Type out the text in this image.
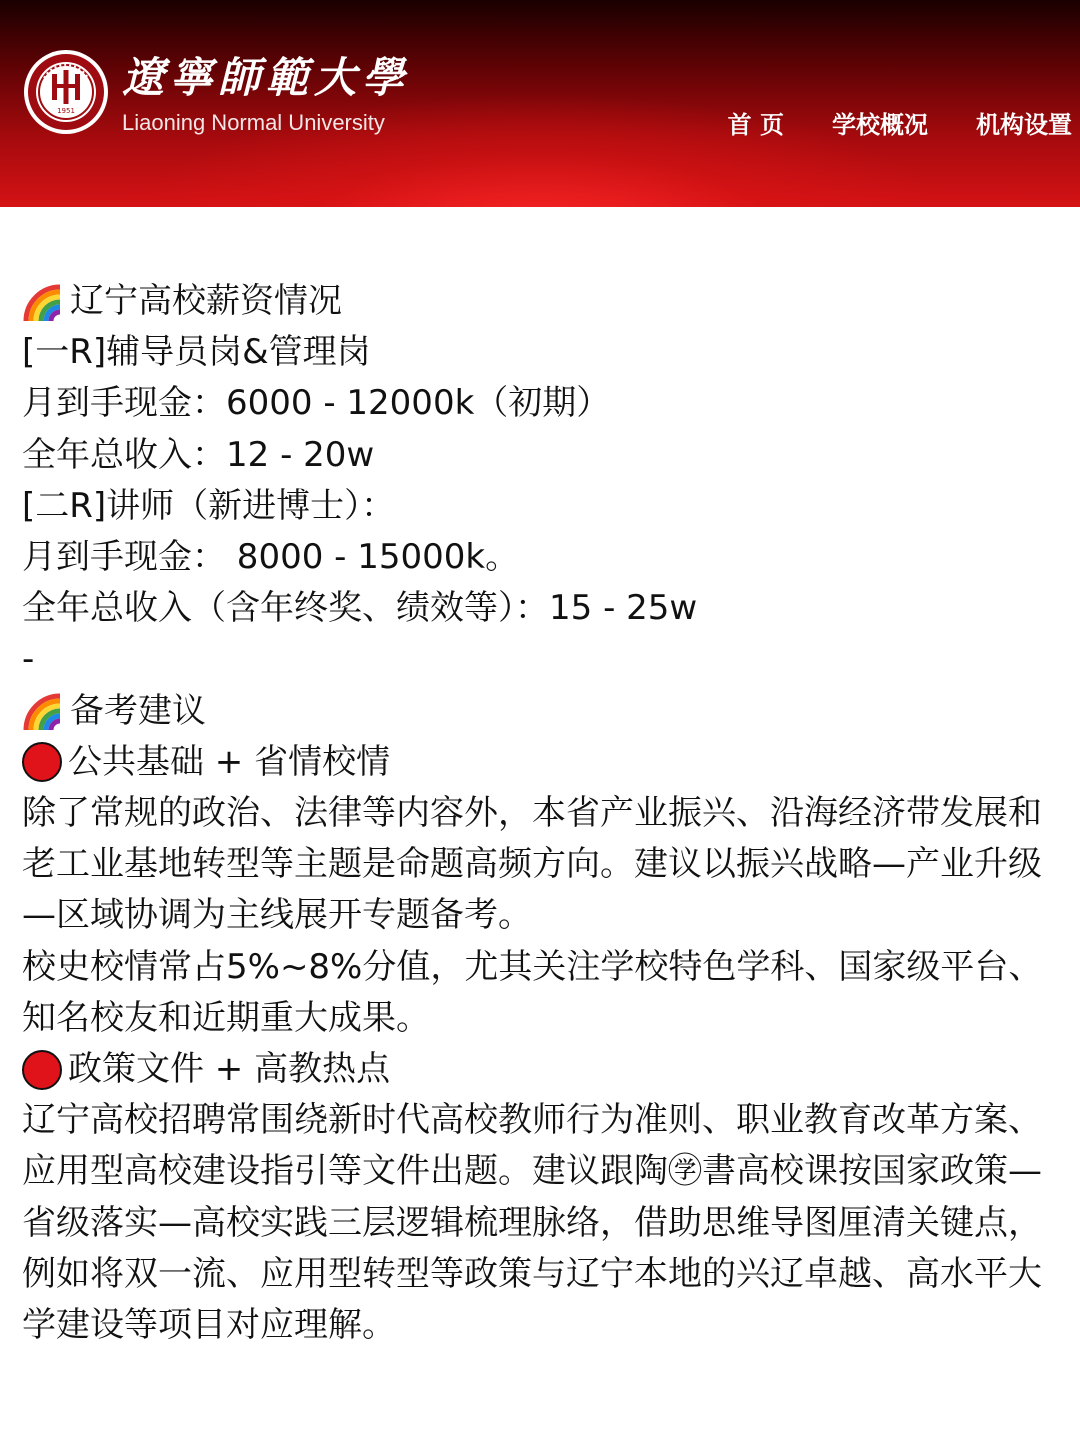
1951
遼寧師範大學
Liaoning Normal University	首 页 学校概况 机构设置
辽宁高校薪资情况
[一R]辅导员岗&管理岗
月到手现金：6000 - 12000k（初期）
全年总收入：12 - 20w
[二R]讲师（新进博士）：
月到手现金： 8000 - 15000k。
全年总收入（含年终奖、绩效等）：15 - 25w
-
备考建议
公共基础 + 省情校情
除了常规的政治、法律等内容外，本省产业振兴、沿海经济带发展和老工业基地转型等主题是命题高频方向。建议以振兴战略—产业升级—区域协调为主线展开专题备考。
校史校情常占5%~8%分值，尤其关注学校特色学科、国家级平台、知名校友和近期重大成果。
政策文件 + 高教热点
辽宁高校招聘常围绕新时代高校教师行为准则、职业教育改革方案、应用型高校建设指引等文件出题。建议跟陶㊫書高校课按国家政策—省级落实—高校实践三层逻辑梳理脉络，借助思维导图厘清关键点，例如将双一流、应用型转型等政策与辽宁本地的兴辽卓越、高水平大学建设等项目对应理解。
